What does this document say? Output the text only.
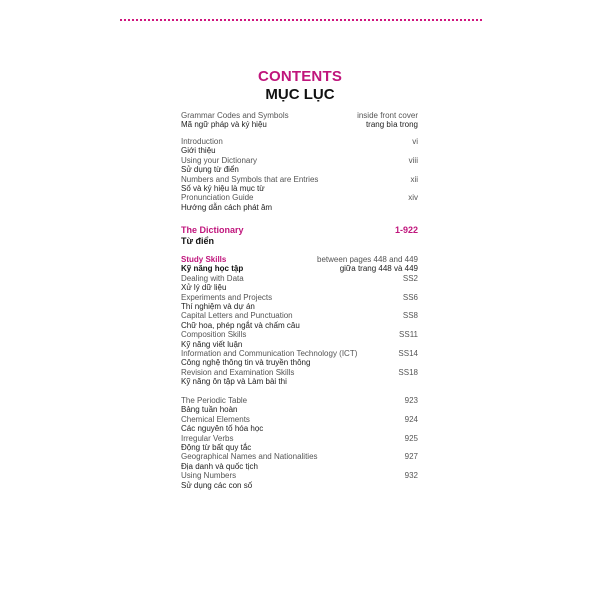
CONTENTS
MỤC LỤC
Grammar Codes and Symbols	inside front cover
Mã ngữ pháp và ký hiệu	trang bìa trong
Introduction	vi
Giới thiệu
Using your Dictionary	viii
Sử dụng từ điển
Numbers and Symbols that are Entries	xii
Số và ký hiệu là mục từ
Pronunciation Guide	xiv
Hướng dẫn cách phát âm
The Dictionary	1-922
Từ điển
Study Skills	between pages 448 and 449
Kỹ năng học tập	giữa trang 448 và 449
Dealing with Data	SS2
Xử lý dữ liệu
Experiments and Projects	SS6
Thí nghiệm và dự án
Capital Letters and Punctuation	SS8
Chữ hoa, phép ngắt và chấm câu
Composition Skills	SS11
Kỹ năng viết luận
Information and Communication Technology (ICT)	SS14
Công nghệ thông tin và truyền thông
Revision and Examination Skills	SS18
Kỹ năng ôn tập và Làm bài thi
The Periodic Table	923
Bảng tuần hoàn
Chemical Elements	924
Các nguyên tố hóa học
Irregular Verbs	925
Động từ bất quy tắc
Geographical Names and Nationalities	927
Địa danh và quốc tịch
Using Numbers	932
Sử dụng các con số
